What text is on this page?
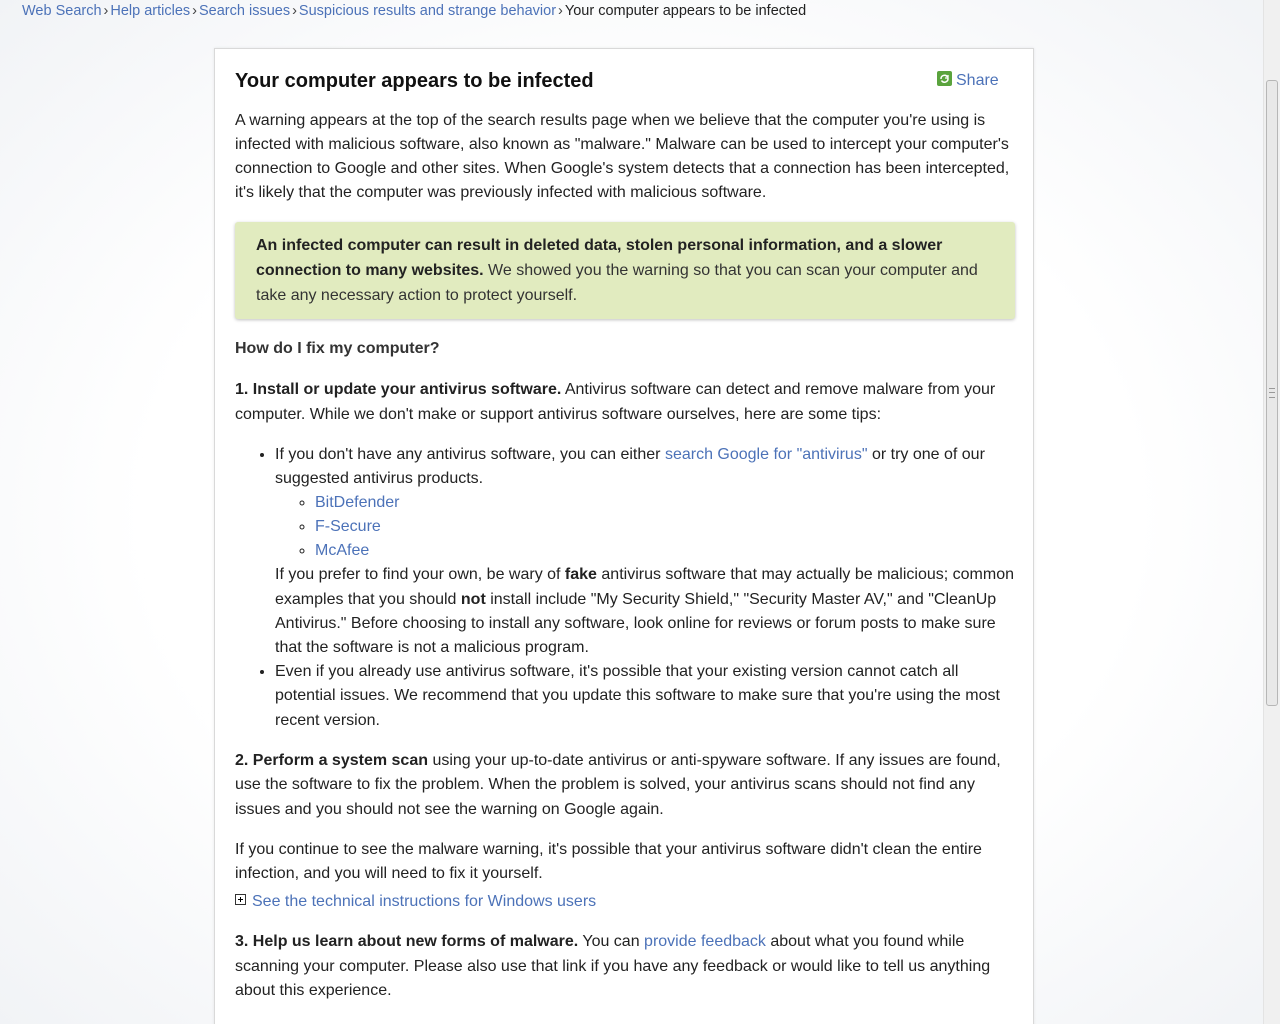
Web Search › Help articles › Search issues › Suspicious results and strange behavior › Your computer appears to be infected
Your computer appears to be infected	Share

A warning appears at the top of the search results page when we believe that the computer you're using is infected with malicious software, also known as "malware." Malware can be used to intercept your computer's connection to Google and other sites. When Google's system detects that a connection has been intercepted, it's likely that the computer was previously infected with malicious software.

An infected computer can result in deleted data, stolen personal information, and a slower connection to many websites. We showed you the warning so that you can scan your computer and take any necessary action to protect yourself.

How do I fix my computer?

1. Install or update your antivirus software. Antivirus software can detect and remove malware from your computer. While we don't make or support antivirus software ourselves, here are some tips:

• If you don't have any antivirus software, you can either search Google for "antivirus" or try one of our suggested antivirus products.
◦ BitDefender
◦ F-Secure
◦ McAfee
If you prefer to find your own, be wary of fake antivirus software that may actually be malicious; common examples that you should not install include "My Security Shield," "Security Master AV," and "CleanUp Antivirus." Before choosing to install any software, look online for reviews or forum posts to make sure that the software is not a malicious program.
• Even if you already use antivirus software, it's possible that your existing version cannot catch all potential issues. We recommend that you update this software to make sure that you're using the most recent version.

2. Perform a system scan using your up-to-date antivirus or anti-spyware software. If any issues are found, use the software to fix the problem. When the problem is solved, your antivirus scans should not find any issues and you should not see the warning on Google again.

If you continue to see the malware warning, it's possible that your antivirus software didn't clean the entire infection, and you will need to fix it yourself.

See the technical instructions for Windows users

3. Help us learn about new forms of malware. You can provide feedback about what you found while scanning your computer. Please also use that link if you have any feedback or would like to tell us anything about this experience.
